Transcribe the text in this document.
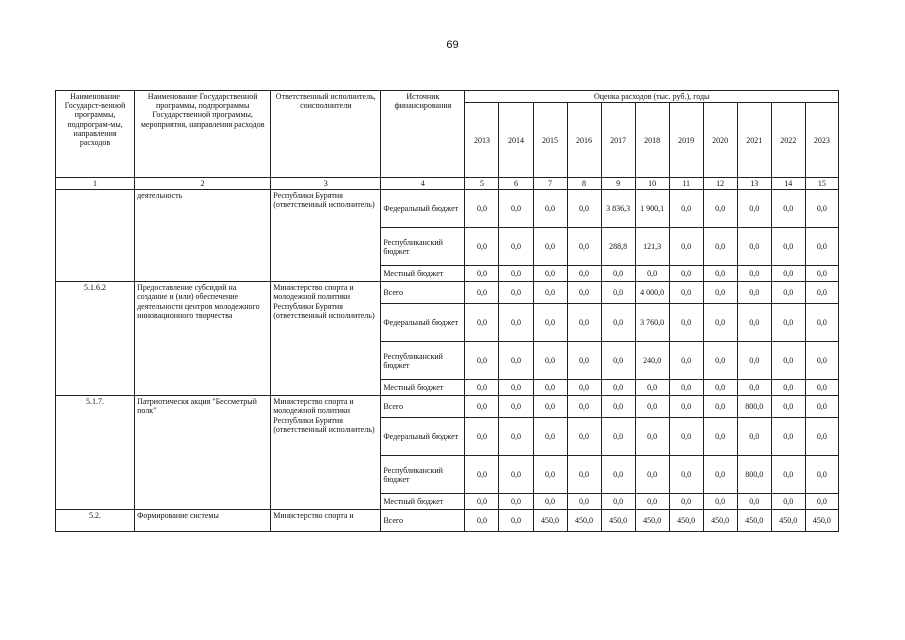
69
Наименование Государст-венной программы, подпрограм-мы, направления расходов	Наименование Государственной программы, подпрограммы Государственной программы, мероприятия, направления расходов	Ответственный исполнитель, соисполнители	Источник финансирования	Оценка расходов (тыс. руб.), годы										
				2013	2014	2015	2016	2017	2018	2019	2020	2021	2022	2023
1	2	3	4	5	6	7	8	9	10	11	12	13	14	15
	деятельность	Республики Бурятия (ответственный исполнитель)	Федеральный бюджет	0,0	0,0	0,0	0,0	3 836,3	1 900,1	0,0	0,0	0,0	0,0	0,0
			Республиканский бюджет	0,0	0,0	0,0	0,0	288,8	121,3	0,0	0,0	0,0	0,0	0,0
			Местный бюджет	0,0	0,0	0,0	0,0	0,0	0,0	0,0	0,0	0,0	0,0	0,0
5.1.6.2	Предоставление субсидий на создание и (или) обеспечение деятельности центров молодежного инновационного творчества	Министерство спорта и молодежной политики Республики Бурятия (ответственный исполнитель)	Всего	0,0	0,0	0,0	0,0	0,0	4 000,0	0,0	0,0	0,0	0,0	0,0
			Федеральный бюджет	0,0	0,0	0,0	0,0	0,0	3 760,0	0,0	0,0	0,0	0,0	0,0
			Республиканский бюджет	0,0	0,0	0,0	0,0	0,0	240,0	0,0	0,0	0,0	0,0	0,0
			Местный бюджет	0,0	0,0	0,0	0,0	0,0	0,0	0,0	0,0	0,0	0,0	0,0
5.1.7.	Патриотическя акция "Бессметрый полк"	Министерство спорта и молодежной политики Республики Бурятия (ответственный исполнитель)	Всего	0,0	0,0	0,0	0,0	0,0	0,0	0,0	0,0	800,0	0,0	0,0
			Федеральный бюджет	0,0	0,0	0,0	0,0	0,0	0,0	0,0	0,0	0,0	0,0	0,0
			Республиканский бюджет	0,0	0,0	0,0	0,0	0,0	0,0	0,0	0,0	800,0	0,0	0,0
			Местный бюджет	0,0	0,0	0,0	0,0	0,0	0,0	0,0	0,0	0,0	0,0	0,0
5.2.	Формирование системы	Министерство спорта и	Всего	0,0	0,0	450,0	450,0	450,0	450,0	450,0	450,0	450,0	450,0	450,0
